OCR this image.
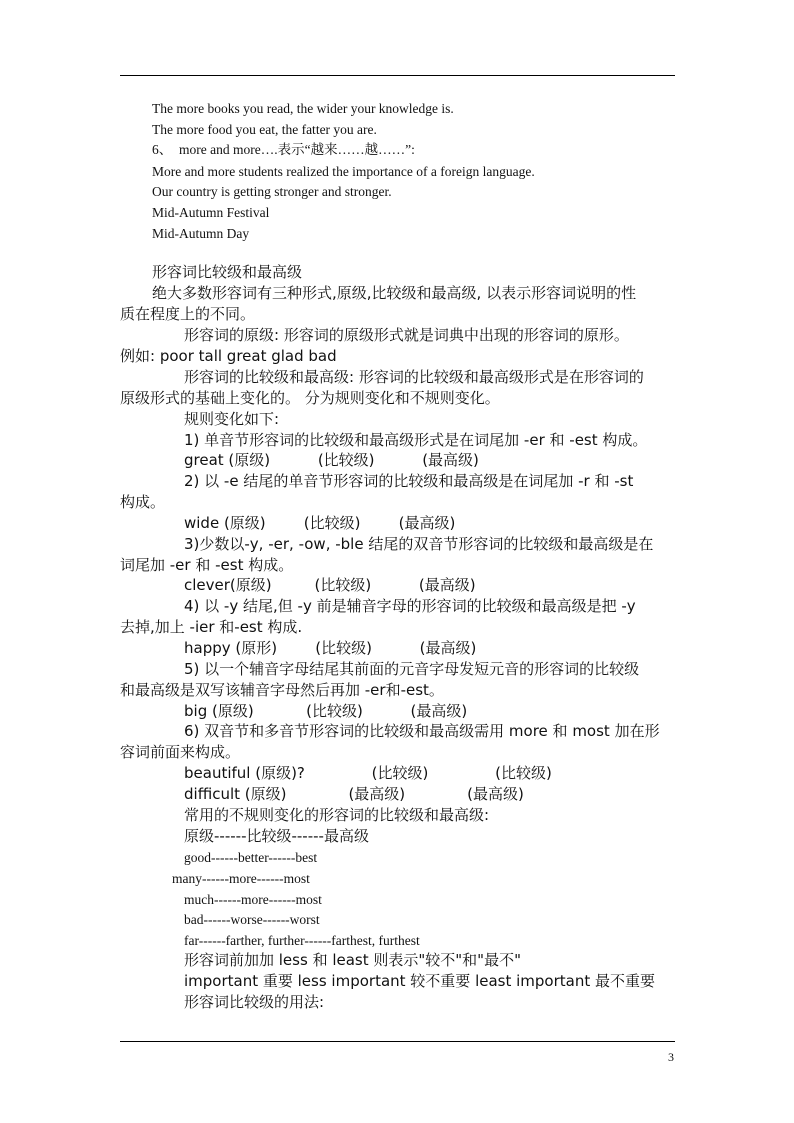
The more books you read, the wider your knowledge is.
The more food you eat, the fatter you are.
6、  more and more….表示“越来……越……”:
More and more students realized the importance of a foreign language.
Our country is getting stronger and stronger.
Mid-Autumn Festival
Mid-Autumn Day
形容词比较级和最高级
绝大多数形容词有三种形式,原级,比较级和最高级, 以表示形容词说明的性
质在程度上的不同。
形容词的原级: 形容词的原级形式就是词典中出现的形容词的原形。
例如: poor tall great glad bad
形容词的比较级和最高级: 形容词的比较级和最高级形式是在形容词的
原级形式的基础上变化的。 分为规则变化和不规则变化。
规则变化如下:
1) 单音节形容词的比较级和最高级形式是在词尾加 -er 和 -est 构成。
great (原级)          (比较级)          (最高级)
2) 以 -e 结尾的单音节形容词的比较级和最高级是在词尾加 -r 和 -st
构成。
wide (原级)        (比较级)        (最高级)
3)少数以-y, -er, -ow, -ble 结尾的双音节形容词的比较级和最高级是在
词尾加 -er 和 -est 构成。
clever(原级)         (比较级)          (最高级)
4) 以 -y 结尾,但 -y 前是辅音字母的形容词的比较级和最高级是把 -y
去掉,加上 -ier 和-est 构成.
happy (原形)        (比较级)          (最高级)
5) 以一个辅音字母结尾其前面的元音字母发短元音的形容词的比较级
和最高级是双写该辅音字母然后再加 -er和-est。
big (原级)           (比较级)          (最高级)
6) 双音节和多音节形容词的比较级和最高级需用 more 和 most 加在形
容词前面来构成。
beautiful (原级)?              (比较级)              (比较级)
difficult (原级)             (最高级)             (最高级)
常用的不规则变化的形容词的比较级和最高级:
原级------比较级------最高级
good------better------best
many------more------most
much------more------most
bad------worse------worst
far------farther, further------farthest, furthest
形容词前加加 less 和 least 则表示"较不"和"最不"
important 重要 less important 较不重要 least important 最不重要
形容词比较级的用法:
3
